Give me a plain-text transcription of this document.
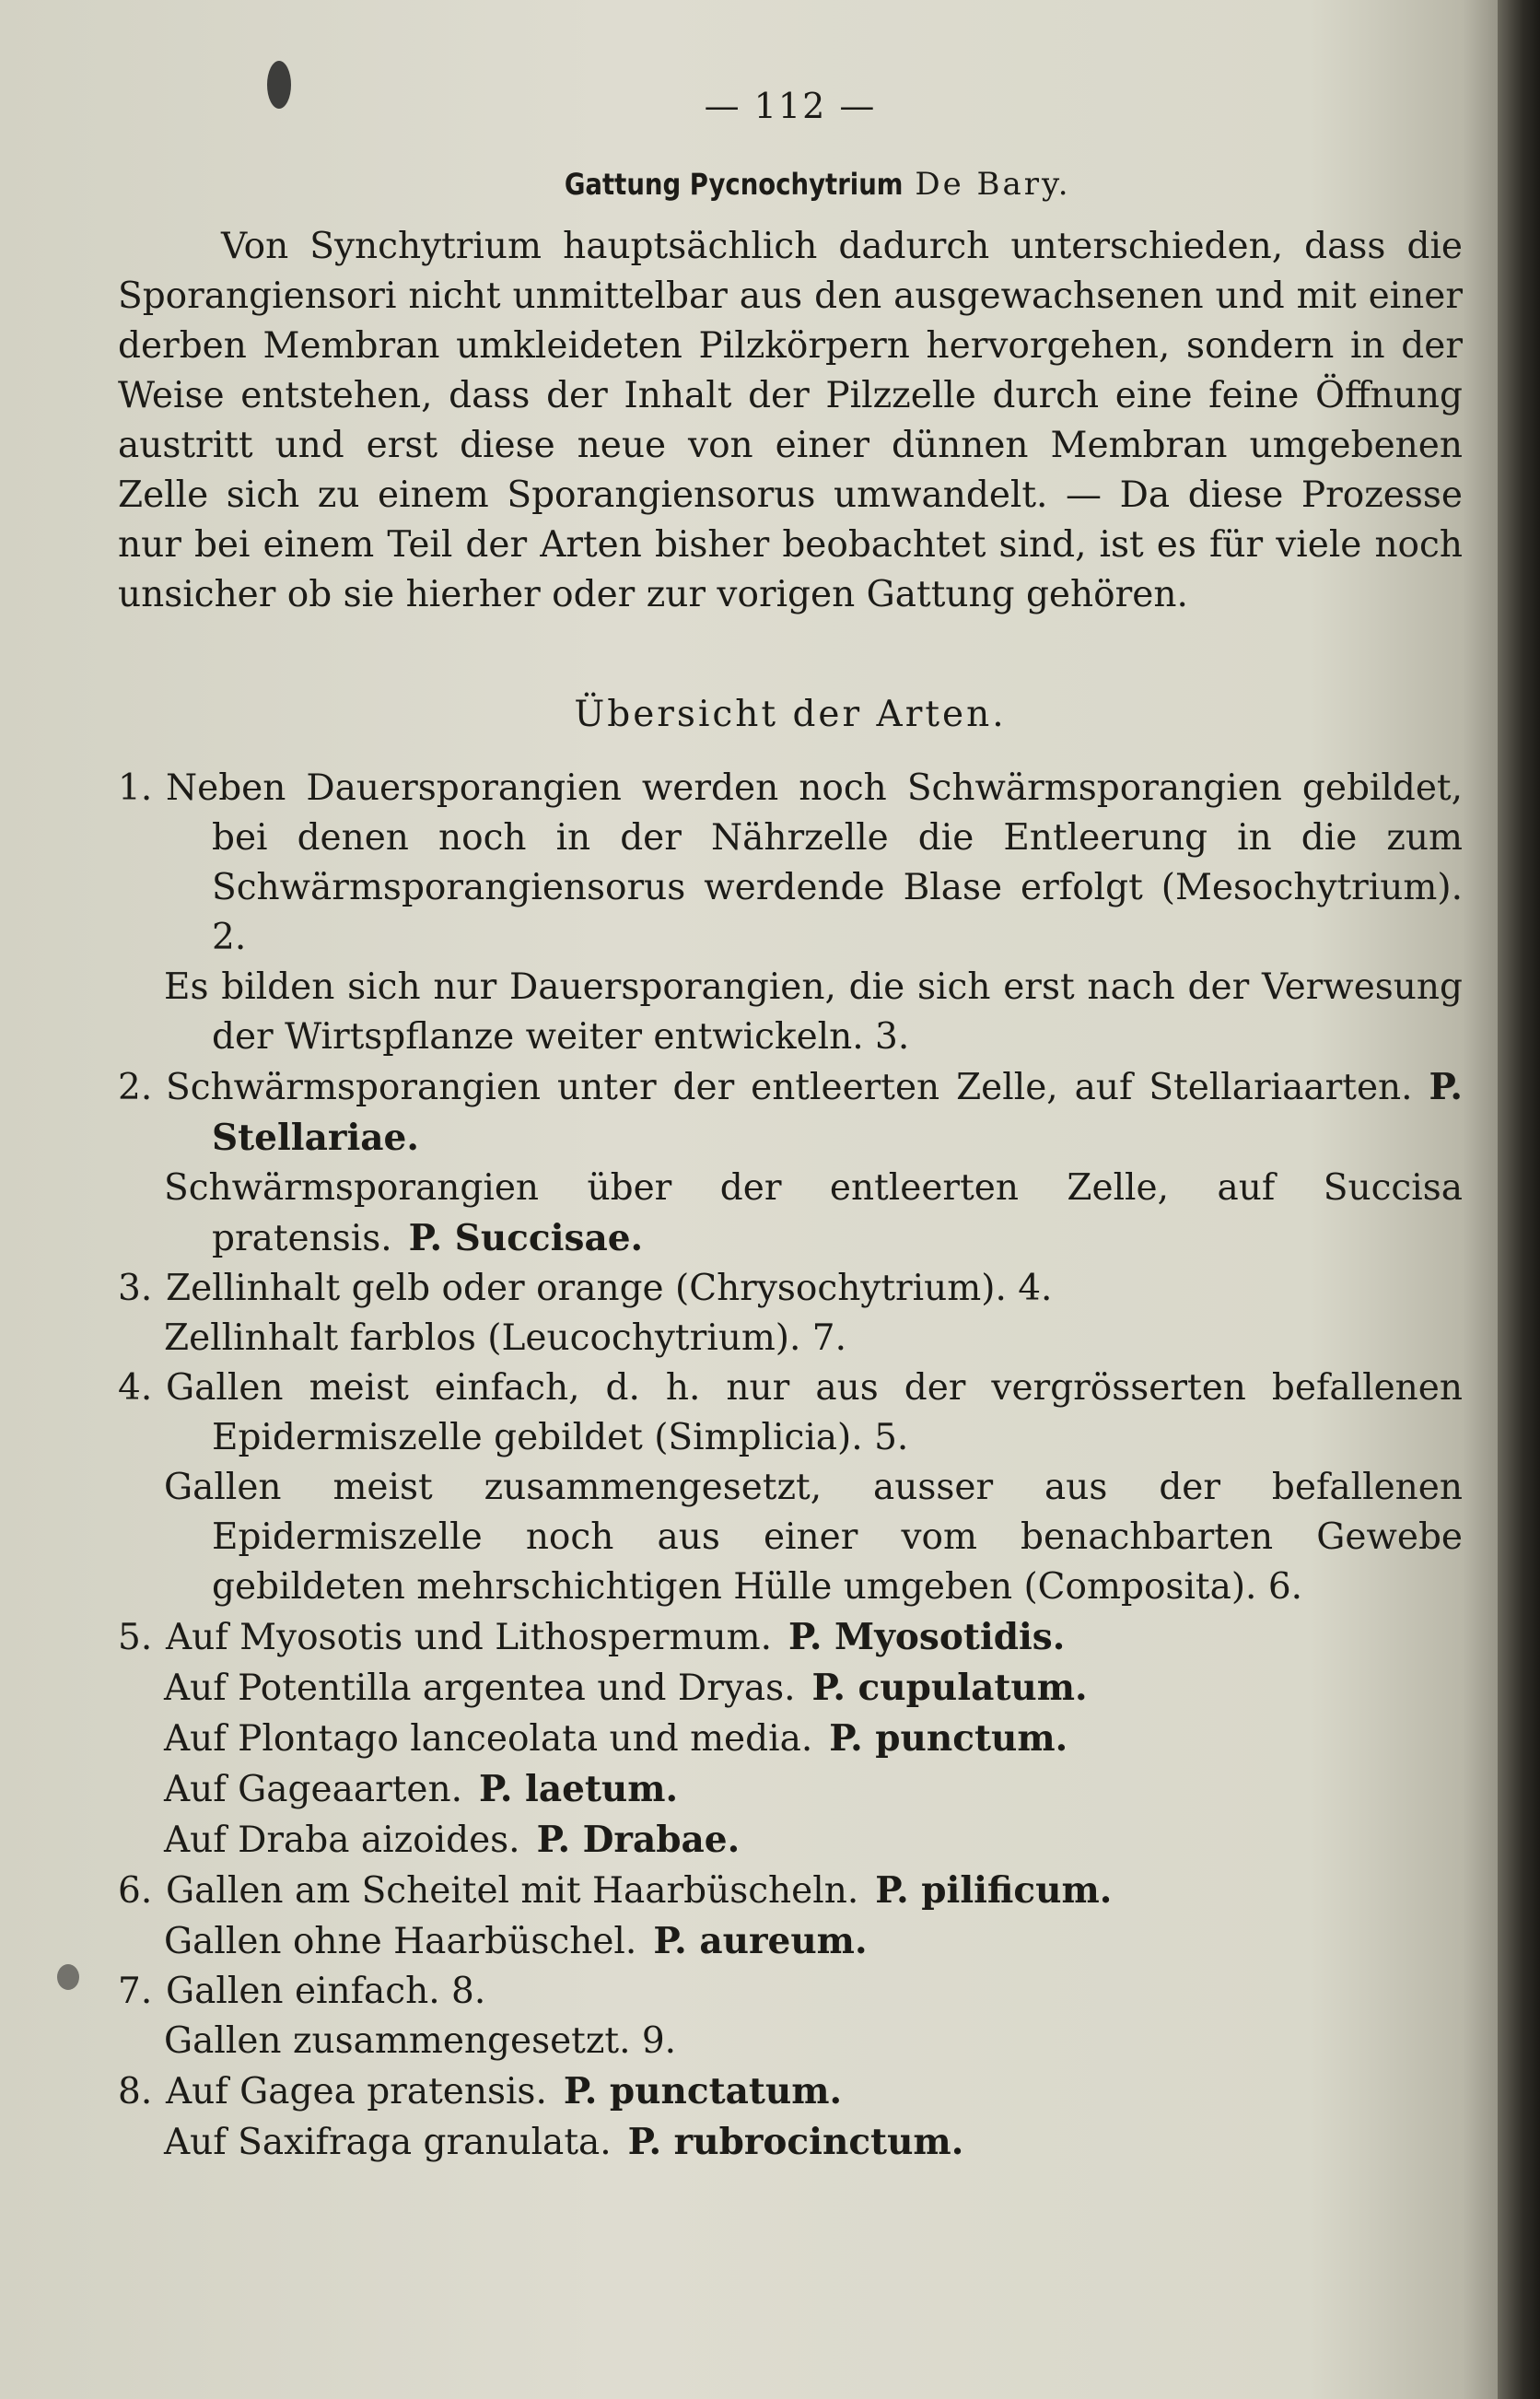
— 112 —
Gattung Pycnochytrium De Bary.

Von Synchytrium hauptsächlich dadurch unterschieden, dass die Sporangiensori nicht unmittelbar aus den ausgewachsenen und mit einer derben Membran umkleideten Pilzkörpern hervorgehen, sondern in der Weise entstehen, dass der Inhalt der Pilzzelle durch eine feine Öffnung austritt und erst diese neue von einer dünnen Membran umgebenen Zelle sich zu einem Sporangiensorus umwandelt. — Da diese Prozesse nur bei einem Teil der Arten bisher beobachtet sind, ist es für viele noch unsicher ob sie hierher oder zur vorigen Gattung gehören.

Übersicht der Arten.
1. Neben Dauersporangien werden noch Schwärmsporangien gebildet, bei denen noch in der Nährzelle die Entleerung in die zum Schwärmsporangiensorus werdende Blase erfolgt (Mesochytrium). 2.
Es bilden sich nur Dauersporangien, die sich erst nach der Verwesung der Wirtspflanze weiter entwickeln. 3.
2. Schwärmsporangien unter der entleerten Zelle, auf Stellariaarten. P. Stellariae.
Schwärmsporangien über der entleerten Zelle, auf Succisa pratensis. P. Succisae.
3. Zellinhalt gelb oder orange (Chrysochytrium). 4.
Zellinhalt farblos (Leucochytrium). 7.
4. Gallen meist einfach, d. h. nur aus der vergrösserten befallenen Epidermiszelle gebildet (Simplicia). 5.
Gallen meist zusammengesetzt, ausser aus der befallenen Epidermiszelle noch aus einer vom benachbarten Gewebe gebildeten mehrschichtigen Hülle umgeben (Composita). 6.
5. Auf Myosotis und Lithospermum. P. Myosotidis.
Auf Potentilla argentea und Dryas. P. cupulatum.
Auf Plontago lanceolata und media. P. punctum.
Auf Gageaarten. P. laetum.
Auf Draba aizoides. P. Drabae.
6. Gallen am Scheitel mit Haarbüscheln. P. pilificum.
Gallen ohne Haarbüschel. P. aureum.
7. Gallen einfach. 8.
Gallen zusammengesetzt. 9.
8. Auf Gagea pratensis. P. punctatum.
Auf Saxifraga granulata. P. rubrocinctum.
